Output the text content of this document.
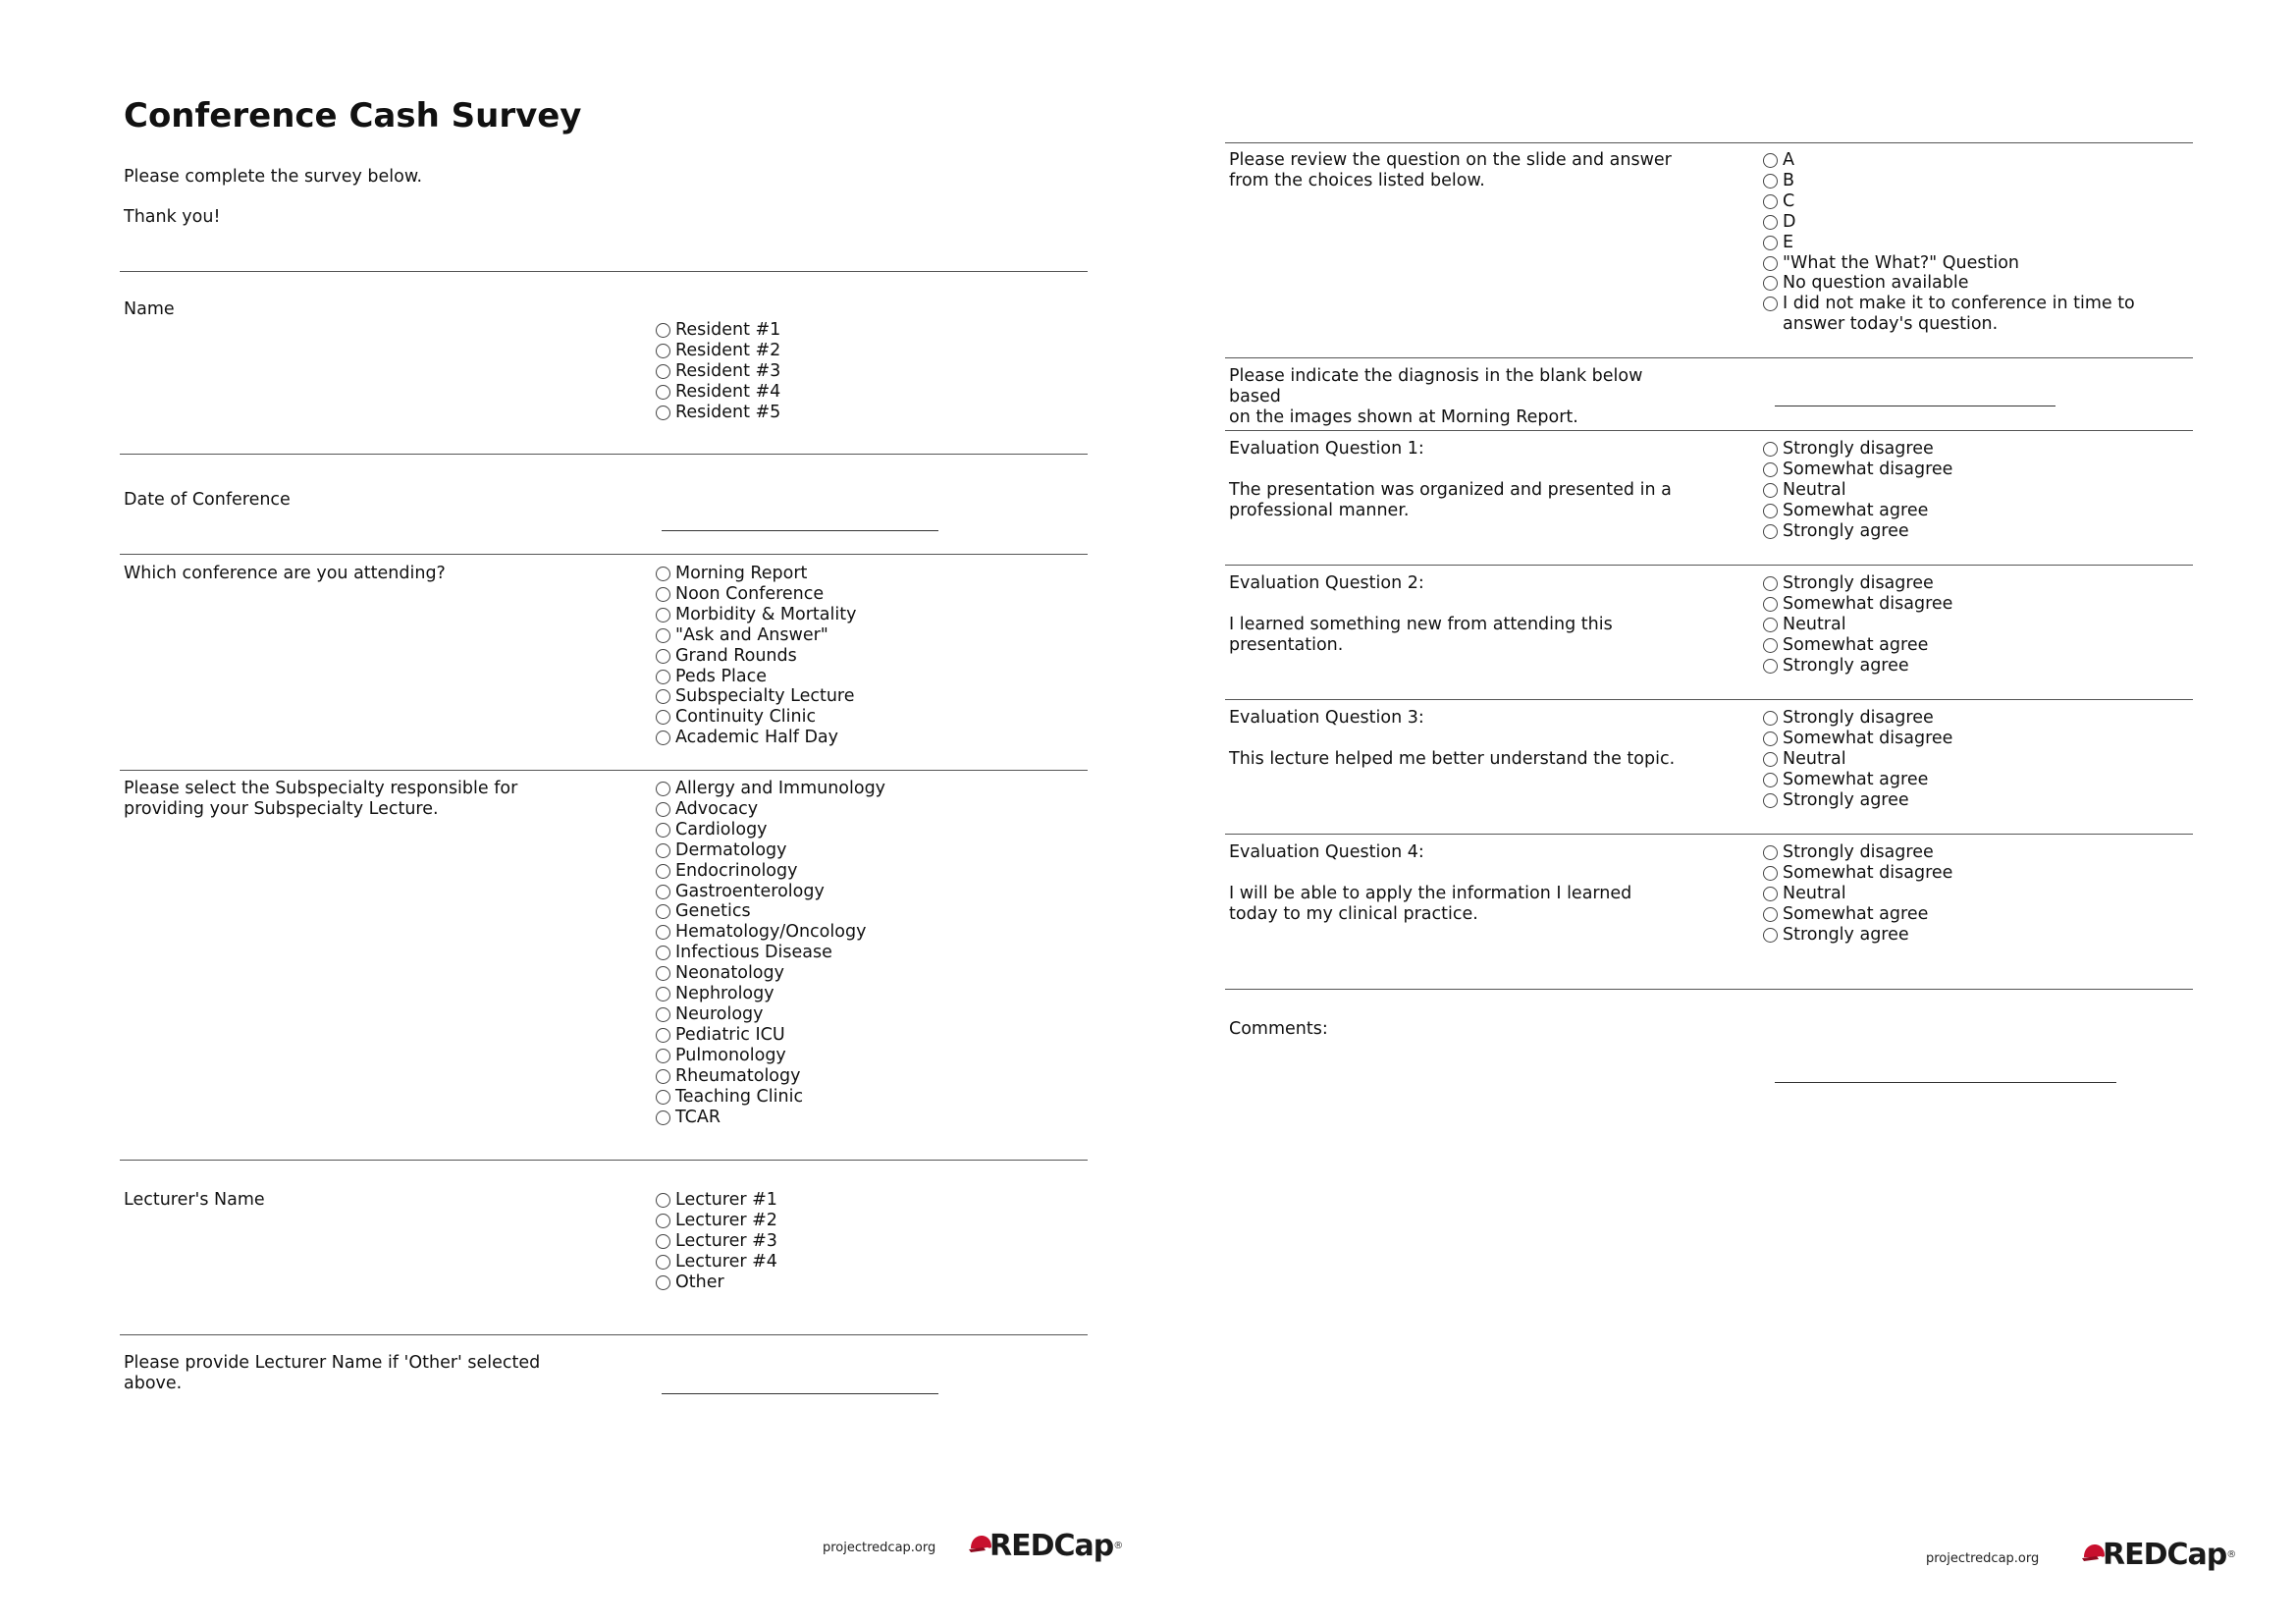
Conference Cash Survey

Please complete the survey below.

Thank you!

Name
Resident #1
Resident #2
Resident #3
Resident #4
Resident #5
Date of Conference
Which conference are you attending?	Morning Report
Noon Conference
Morbidity & Mortality
"Ask and Answer"
Grand Rounds
Peds Place
Subspecialty Lecture
Continuity Clinic
Academic Half Day
Please select the Subspecialty responsible for
providing your Subspecialty Lecture.
Allergy and Immunology
Advocacy
Cardiology
Dermatology
Endocrinology
Gastroenterology
Genetics
Hematology/Oncology
Infectious Disease
Neonatology
Nephrology
Neurology
Pediatric ICU
Pulmonology
Rheumatology
Teaching Clinic
TCAR
Lecturer's Name	Lecturer #1
Lecturer #2
Lecturer #3
Lecturer #4
Other
Please provide Lecturer Name if 'Other' selected
above.
projectredcap.org REDCap ®
Please review the question on the slide and answer
from the choices listed below.
A
B
C
D
E
"What the What?" Question
No question available
I did not make it to conference in time to answer today's question.
Please indicate the diagnosis in the blank below based
on the images shown at Morning Report.
Evaluation Question 1:
The presentation was organized and presented in a
professional manner.
Strongly disagree
Somewhat disagree
Neutral
Somewhat agree
Strongly agree
Evaluation Question 2:
I learned something new from attending this
presentation.
Strongly disagree
Somewhat disagree
Neutral
Somewhat agree
Strongly agree
Evaluation Question 3:
This lecture helped me better understand the topic.
Strongly disagree
Somewhat disagree
Neutral
Somewhat agree
Strongly agree
Evaluation Question 4:
I will be able to apply the information I learned
today to my clinical practice.
Strongly disagree
Somewhat disagree
Neutral
Somewhat agree
Strongly agree
Comments:
projectredcap.org REDCap ®
